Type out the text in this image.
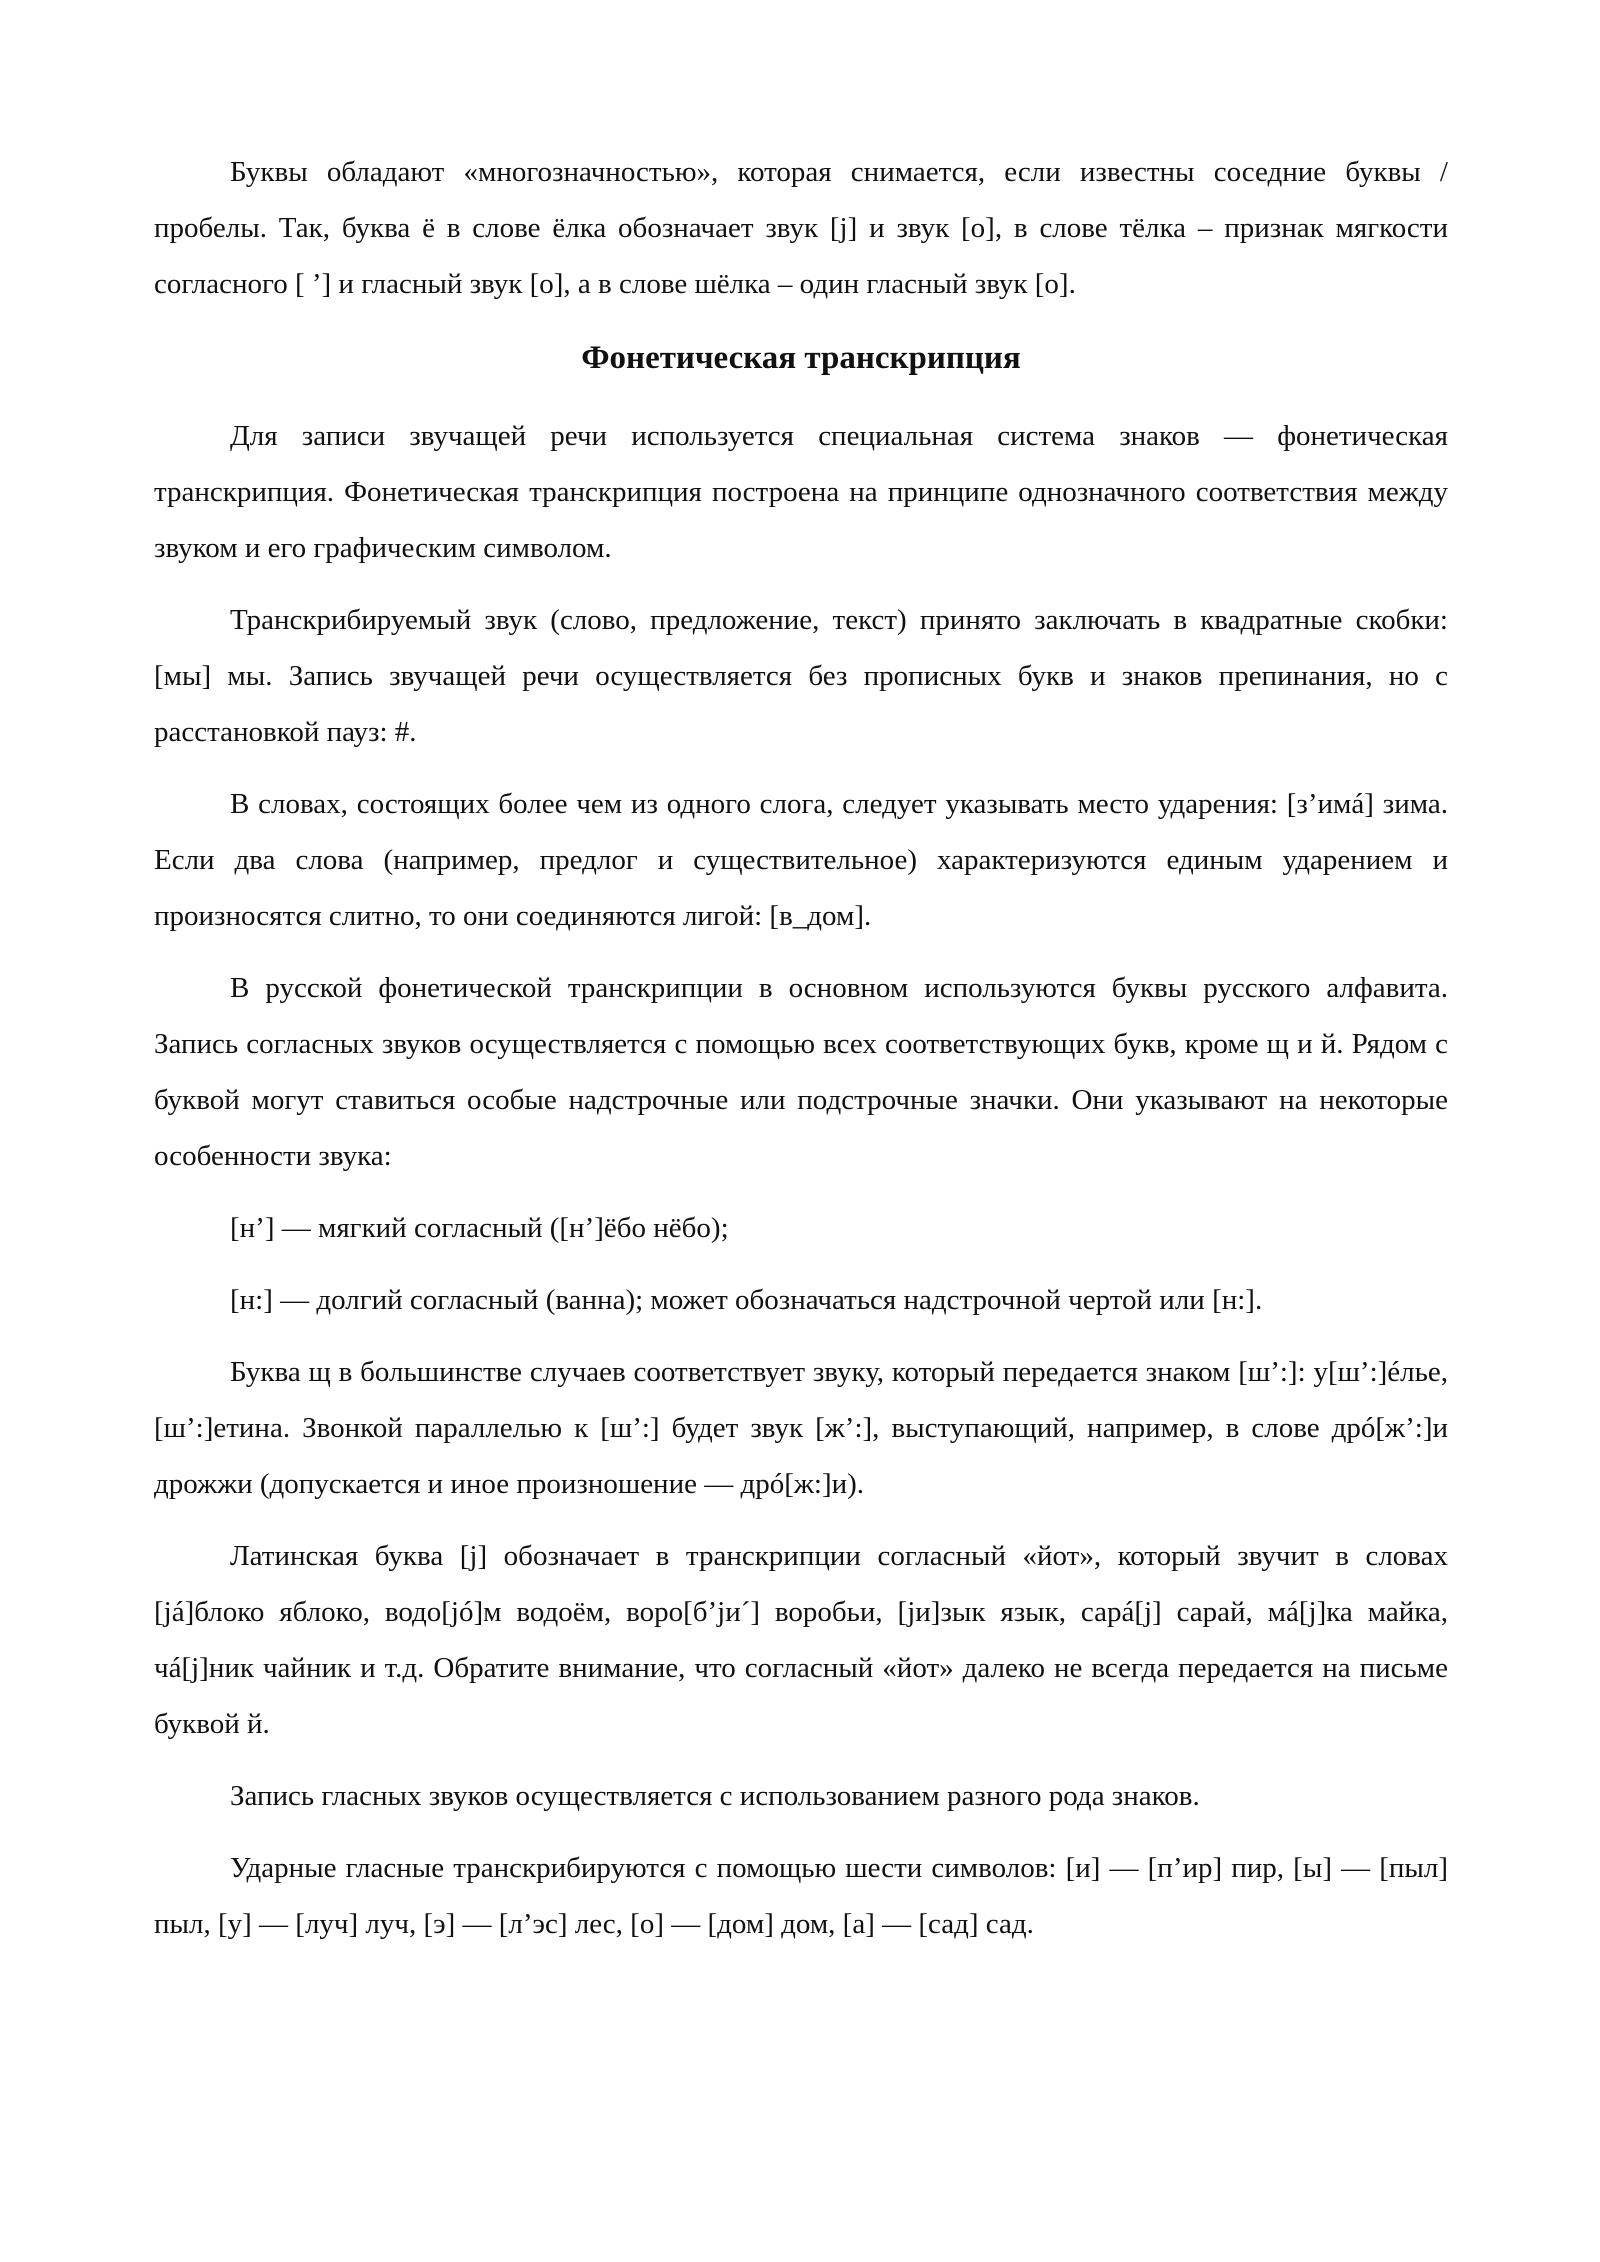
Буквы обладают «многозначностью», которая снимается, если известны соседние буквы / пробелы. Так, буква ё в слове ёлка обозначает звук [j] и звук [о], в слове тёлка – признак мягкости согласного [ ’] и гласный звук [о], а в слове шёлка – один гласный звук [о].

Фонетическая транскрипция

Для записи звучащей речи используется специальная система знаков — фонетическая транскрипция. Фонетическая транскрипция построена на принципе однозначного соответствия между звуком и его графическим символом.

Транскрибируемый звук (слово, предложение, текст) принято заключать в квадратные скобки: [мы] мы. Запись звучащей речи осуществляется без прописных букв и знаков препинания, но с расстановкой пауз: #.

В словах, состоящих более чем из одного слога, следует указывать место ударения: [з’имá] зима. Если два слова (например, предлог и существительное) характеризуются единым ударением и произносятся слитно, то они соединяются лигой: [в_дом].

В русской фонетической транскрипции в основном используются буквы русского алфавита. Запись согласных звуков осуществляется с помощью всех соответствующих букв, кроме щ и й. Рядом с буквой могут ставиться особые надстрочные или подстрочные значки. Они указывают на некоторые особенности звука:

[н’] — мягкий согласный ([н’]ёбо нёбо);

[н:] — долгий согласный (ванна); может обозначаться надстрочной чертой или [н:].

Буква щ в большинстве случаев соответствует звуку, который передается знаком [ш’:]: у[ш’:]éлье, [ш’:]етина. Звонкой параллелью к [ш’:] будет звук [ж’:], выступающий, например, в слове дрó[ж’:]и дрожжи (допускается и иное произношение — дрó[ж:]и).

Латинская буква [j] обозначает в транскрипции согласный «йот», который звучит в словах [já]блоко яблоко, водо[jó]м водоём, воро[б’jи´] воробьи, [jи]зык язык, сарá[j] сарай, мá[j]ка майка, чá[j]ник чайник и т.д. Обратите внимание, что согласный «йот» далеко не всегда передается на письме буквой й.

Запись гласных звуков осуществляется с использованием разного рода знаков.

Ударные гласные транскрибируются с помощью шести символов: [и] — [п’ир] пир, [ы] — [пыл] пыл, [у] — [луч] луч, [э] — [л’эс] лес, [о] — [дом] дом, [а] — [сад] сад.
